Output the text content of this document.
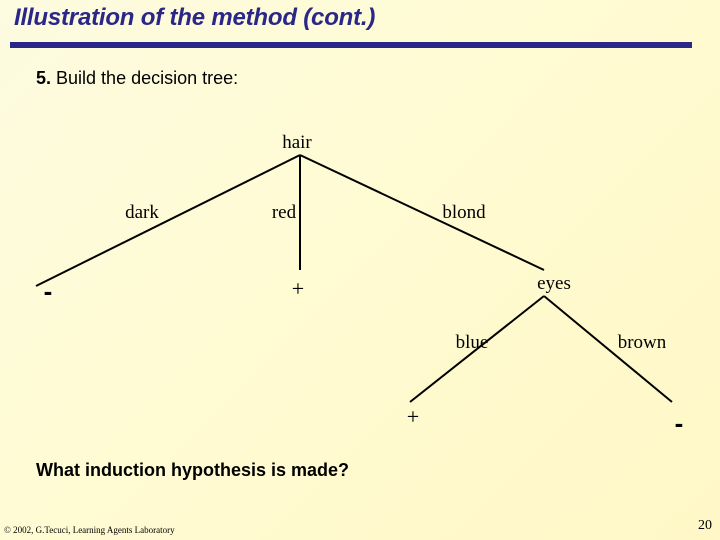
Illustration of the method (cont.)
5. Build the decision tree:
hair
dark	red	blond
-	+	eyes
blue	brown
+	-
What induction hypothesis is made?
© 2002, G.Tecuci, Learning Agents Laboratory	20
